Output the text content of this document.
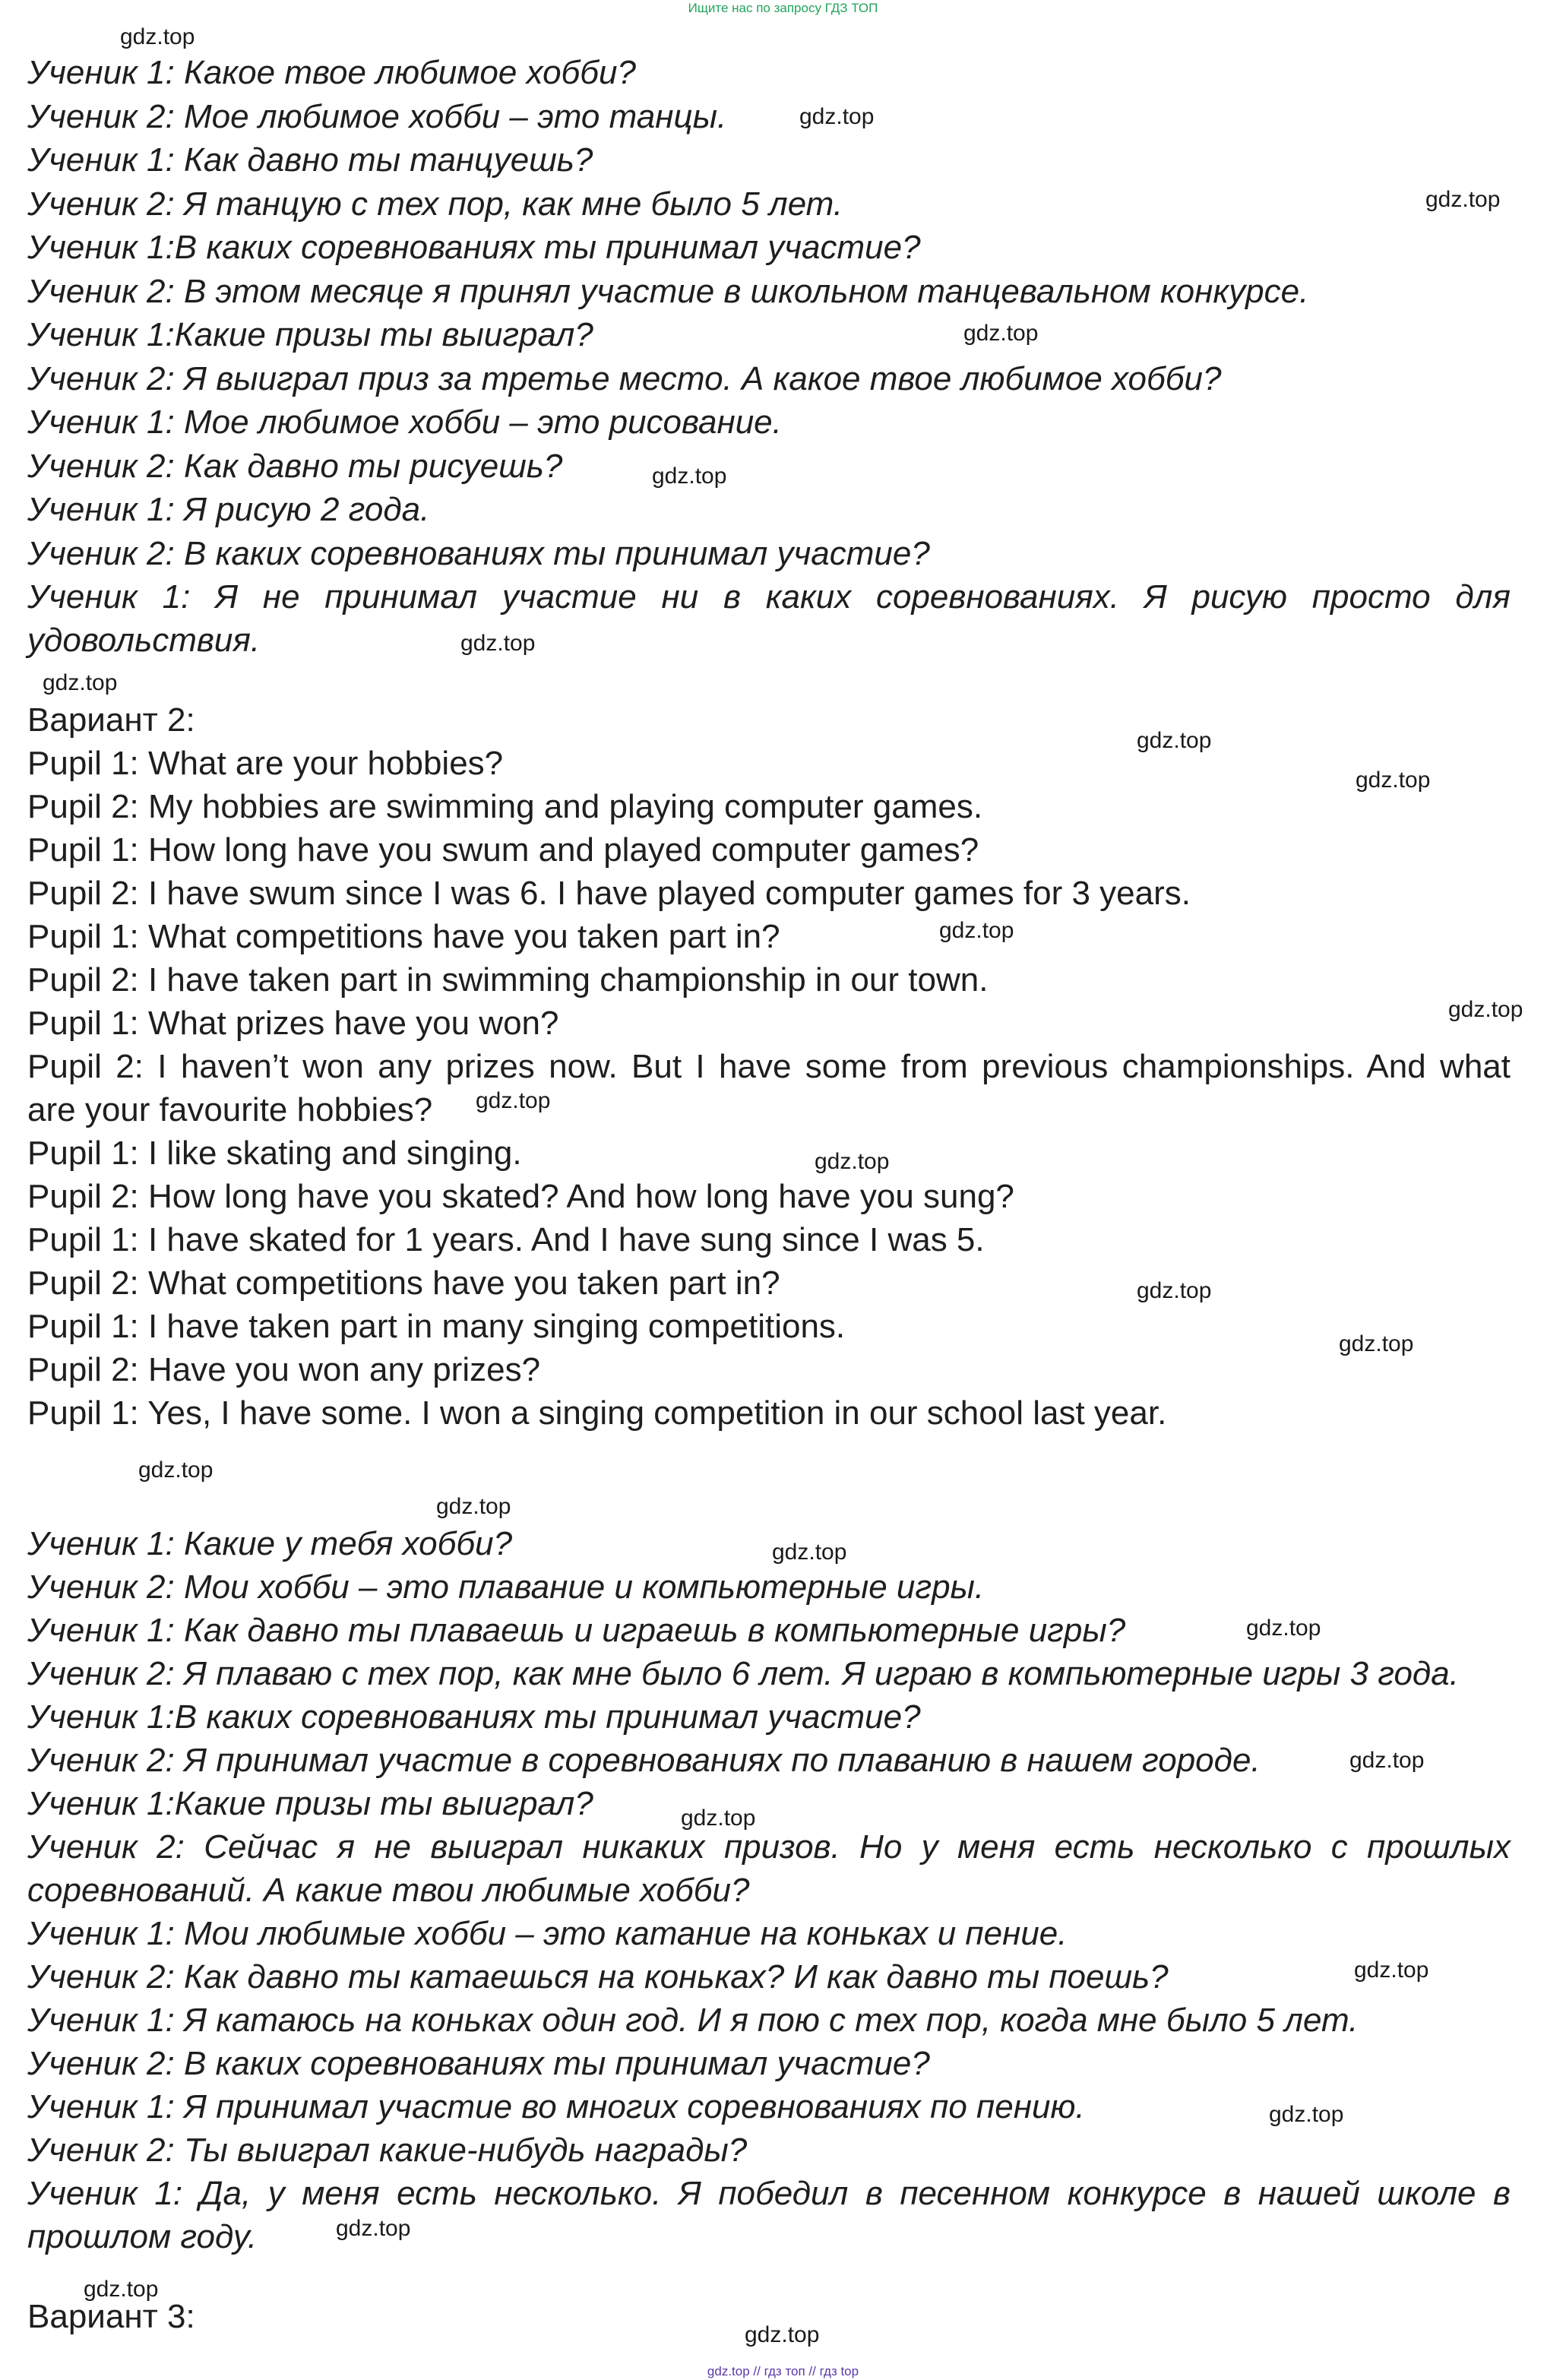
Ищите нас по запросу ГДЗ ТОП

Ученик 1: Какое твое любимое хобби?

Ученик 2: Мое любимое хобби – это танцы.

Ученик 1: Как давно ты танцуешь?

Ученик 2: Я танцую с тех пор, как мне было 5 лет.

Ученик 1:В каких соревнованиях ты принимал участие?

Ученик 2: В этом месяце я принял участие в школьном танцевальном конкурсе.

Ученик 1:Какие призы ты выиграл?

Ученик 2: Я выиграл приз за третье место. А какое твое любимое хобби?

Ученик 1: Мое любимое хобби – это рисование.

Ученик 2: Как давно ты рисуешь?

Ученик 1: Я рисую 2 года.

Ученик 2: В каких соревнованиях ты принимал участие?

Ученик 1: Я не принимал участие ни в каких соревнованиях. Я рисую просто для

удовольствия.

Вариант 2:

Pupil 1: What are your hobbies?

Pupil 2: My hobbies are swimming and playing computer games.

Pupil 1: How long have you swum and played computer games?

Pupil 2: I have swum since I was 6. I have played computer games for 3 years.

Pupil 1: What competitions have you taken part in?

Pupil 2: I have taken part in swimming championship in our town.

Pupil 1: What prizes have you won?

Pupil 2: I haven’t won any prizes now. But I have some from previous championships. And what

are your favourite hobbies?

Pupil 1: I like skating and singing.

Pupil 2: How long have you skated? And how long have you sung?

Pupil 1: I have skated for 1 years. And I have sung since I was 5.

Pupil 2: What competitions have you taken part in?

Pupil 1: I have taken part in many singing competitions.

Pupil 2: Have you won any prizes?

Pupil 1: Yes, I have some. I won a singing competition in our school last year.

Ученик 1: Какие у тебя хобби?

Ученик 2: Мои хобби – это плавание и компьютерные игры.

Ученик 1: Как давно ты плаваешь и играешь в компьютерные игры?

Ученик 2: Я плаваю с тех пор, как мне было 6 лет. Я играю в компьютерные игры 3 года.

Ученик 1:В каких соревнованиях ты принимал участие?

Ученик 2: Я принимал участие в соревнованиях по плаванию в нашем городе.

Ученик 1:Какие призы ты выиграл?

Ученик 2: Сейчас я не выиграл никаких призов. Но у меня есть несколько с прошлых

соревнований. А какие твои любимые хобби?

Ученик 1: Мои любимые хобби – это катание на коньках и пение.

Ученик 2: Как давно ты катаешься на коньках? И как давно ты поешь?

Ученик 1: Я катаюсь на коньках один год. И я пою с тех пор, когда мне было 5 лет.

Ученик 2: В каких соревнованиях ты принимал участие?

Ученик 1: Я принимал участие во многих соревнованиях по пению.

Ученик 2: Ты выиграл какие-нибудь награды?

Ученик 1: Да, у меня есть несколько. Я победил в песенном конкурсе в нашей школе в

прошлом году.

Вариант 3:

gdz.top
gdz.top
gdz.top
gdz.top
gdz.top
gdz.top
gdz.top
gdz.top
gdz.top
gdz.top
gdz.top
gdz.top
gdz.top
gdz.top
gdz.top
gdz.top
gdz.top
gdz.top
gdz.top
gdz.top
gdz.top
gdz.top
gdz.top
gdz.top
gdz.top
gdz.top
gdz.top // гдз топ // гдз top
